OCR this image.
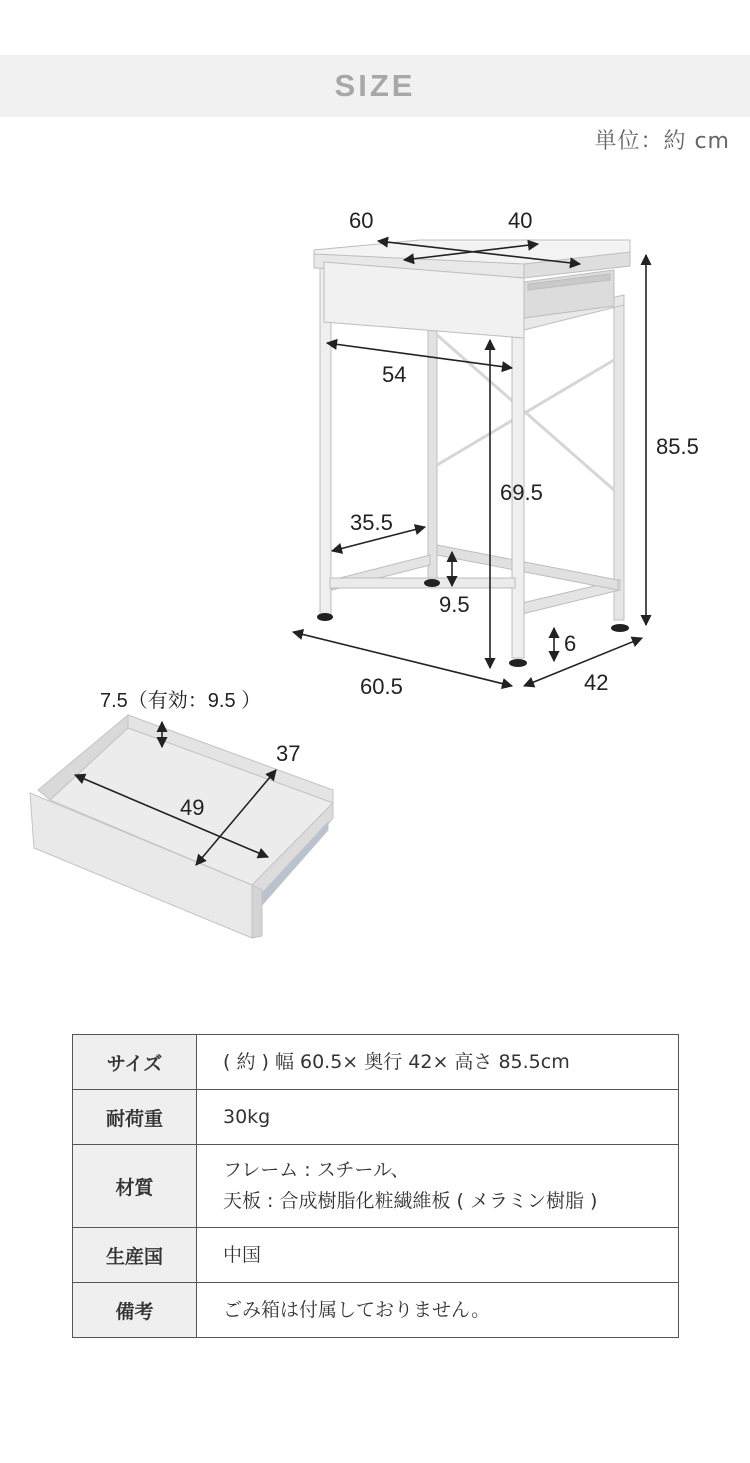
SIZE
単位：約 cm
60	40
54
85.5
69.5
35.5
9.5
60.5	42
6
7.5（有効：9.5 ）
37
49
サイズ	( 約 ) 幅 60.5× 奥行 42× 高さ 85.5cm
耐荷重	30kg
材質	フレーム : スチール、
天板 : 合成樹脂化粧繊維板 ( メラミン樹脂 )

生産国	中国
備考	ごみ箱は付属しておりません。
